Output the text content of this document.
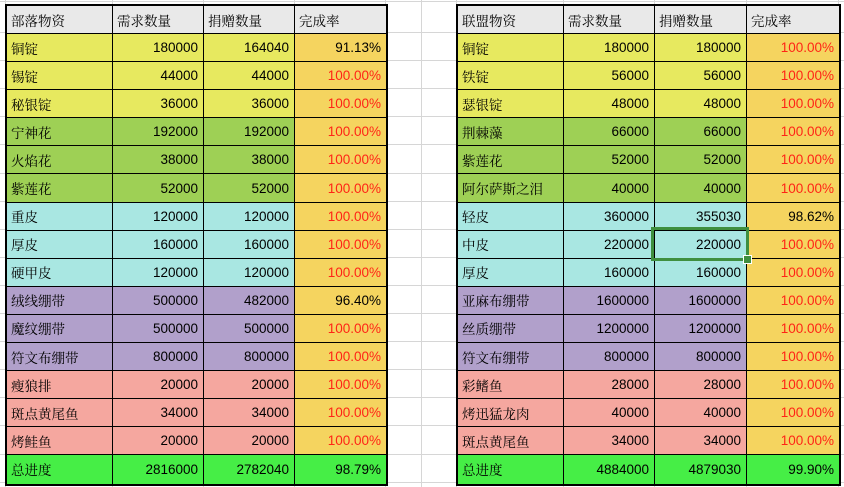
部落物资	需求数量	捐赠数量	完成率
铜锭	180000	164040	91.13%
锡锭	44000	44000	100.00%
秘银锭	36000	36000	100.00%
宁神花	192000	192000	100.00%
火焰花	38000	38000	100.00%
紫莲花	52000	52000	100.00%
重皮	120000	120000	100.00%
厚皮	160000	160000	100.00%
硬甲皮	120000	120000	100.00%
绒线绷带	500000	482000	96.40%
魔纹绷带	500000	500000	100.00%
符文布绷带	800000	800000	100.00%
瘦狼排	20000	20000	100.00%
斑点黄尾鱼	34000	34000	100.00%
烤鲑鱼	20000	20000	100.00%
总进度	2816000	2782040	98.79%
联盟物资	需求数量	捐赠数量	完成率
铜锭	180000	180000	100.00%
铁锭	56000	56000	100.00%
瑟银锭	48000	48000	100.00%
荆棘藻	66000	66000	100.00%
紫莲花	52000	52000	100.00%
阿尔萨斯之泪	40000	40000	100.00%
轻皮	360000	355030	98.62%
中皮	220000	220000	100.00%
厚皮	160000	160000	100.00%
亚麻布绷带	1600000	1600000	100.00%
丝质绷带	1200000	1200000	100.00%
符文布绷带	800000	800000	100.00%
彩鳍鱼	28000	28000	100.00%
烤迅猛龙肉	40000	40000	100.00%
斑点黄尾鱼	34000	34000	100.00%
总进度	4884000	4879030	99.90%
